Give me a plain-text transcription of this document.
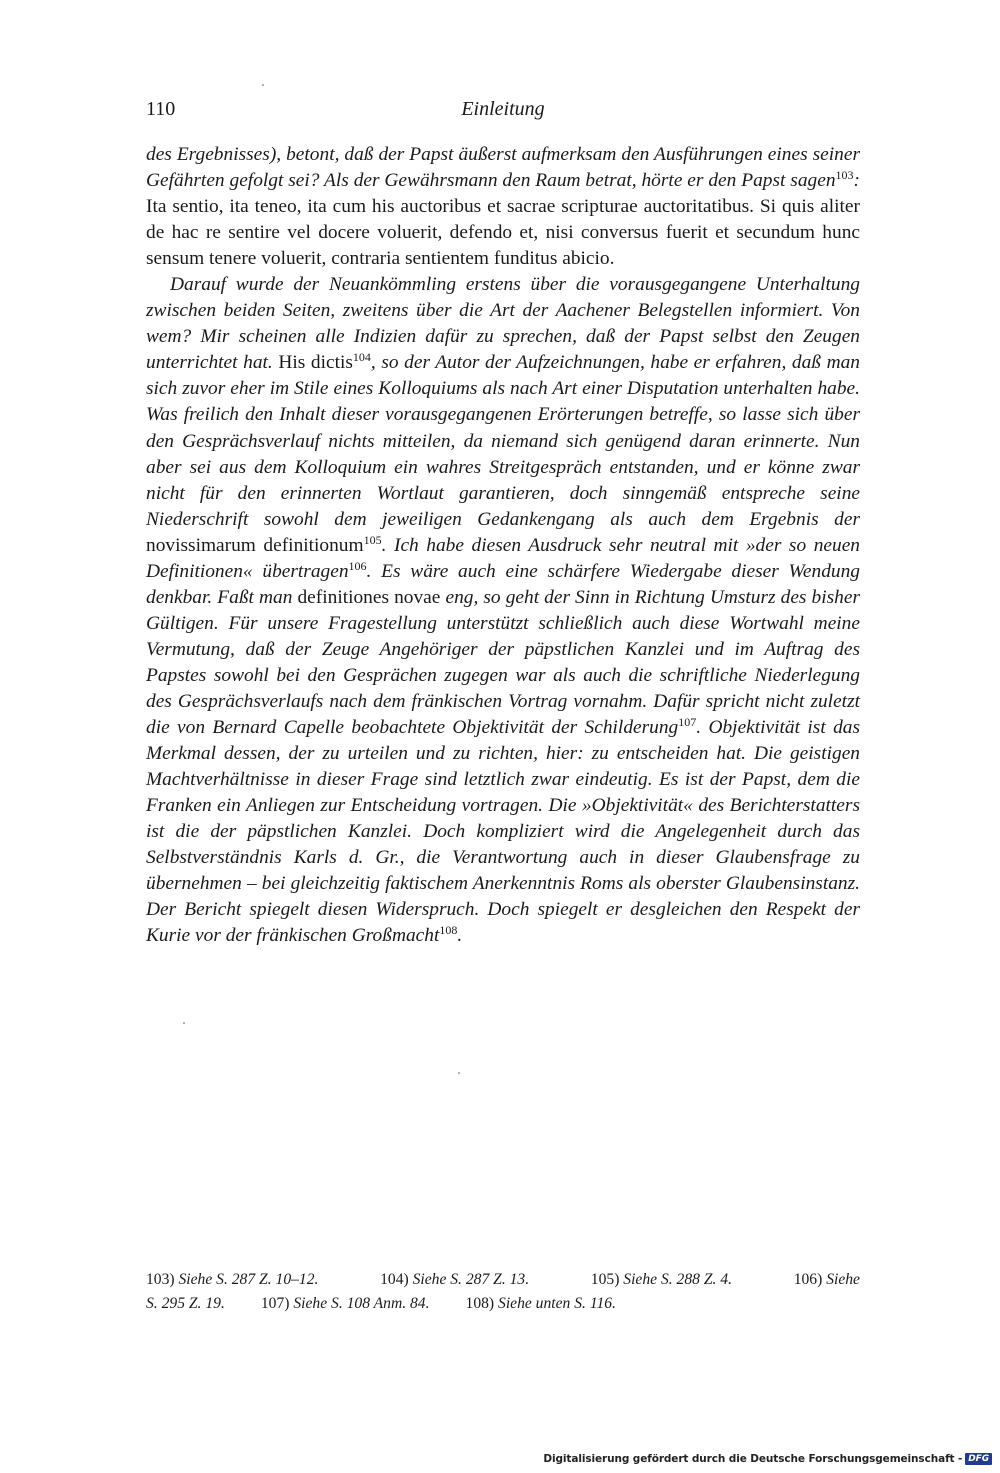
110	Einleitung

des Ergebnisses), betont, daß der Papst äußerst aufmerksam den Ausführungen eines seiner Gefährten gefolgt sei? Als der Gewährsmann den Raum betrat, hörte er den Papst sagen$^{103}$: Ita sentio, ita teneo, ita cum his auctoribus et sacrae scripturae auctoritatibus. Si quis aliter de hac re sentire vel docere voluerit, defendo et, nisi conversus fuerit et secundum hunc sensum tenere voluerit, contraria sentientem funditus abicio.

Darauf wurde der Neuankömmling erstens über die vorausgegangene Unterhaltung zwischen beiden Seiten, zweitens über die Art der Aachener Belegstellen informiert. Von wem? Mir scheinen alle Indizien dafür zu sprechen, daß der Papst selbst den Zeugen unterrichtet hat. His dictis$^{104}$, so der Autor der Aufzeichnungen, habe er erfahren, daß man sich zuvor eher im Stile eines Kolloquiums als nach Art einer Disputation unterhalten habe. Was freilich den Inhalt dieser vorausgegangenen Erörterungen betreffe, so lasse sich über den Gesprächsverlauf nichts mitteilen, da niemand sich genügend daran erinnerte. Nun aber sei aus dem Kolloquium ein wahres Streitgespräch entstanden, und er könne zwar nicht für den erinnerten Wortlaut garantieren, doch sinngemäß entspreche seine Niederschrift sowohl dem jeweiligen Gedankengang als auch dem Ergebnis der novissimarum definitionum$^{105}$. Ich habe diesen Ausdruck sehr neutral mit »der so neuen Definitionen« übertragen$^{106}$. Es wäre auch eine schärfere Wiedergabe dieser Wendung denkbar. Faßt man definitiones novae eng, so geht der Sinn in Richtung Umsturz des bisher Gültigen. Für unsere Fragestellung unterstützt schließlich auch diese Wortwahl meine Vermutung, daß der Zeuge Angehöriger der päpstlichen Kanzlei und im Auftrag des Papstes sowohl bei den Gesprächen zugegen war als auch die schriftliche Niederlegung des Gesprächsverlaufs nach dem fränkischen Vortrag vornahm. Dafür spricht nicht zuletzt die von Bernard Capelle beobachtete Objektivität der Schilderung$^{107}$. Objektivität ist das Merkmal dessen, der zu urteilen und zu richten, hier: zu entscheiden hat. Die geistigen Machtverhältnisse in dieser Frage sind letztlich zwar eindeutig. Es ist der Papst, dem die Franken ein Anliegen zur Entscheidung vortragen. Die »Objektivität« des Berichterstatters ist die der päpstlichen Kanzlei. Doch kompliziert wird die Angelegenheit durch das Selbstverständnis Karls d. Gr., die Verantwortung auch in dieser Glaubensfrage zu übernehmen – bei gleichzeitig faktischem Anerkenntnis Roms als oberster Glaubensinstanz. Der Bericht spiegelt diesen Widerspruch. Doch spiegelt er desgleichen den Respekt der Kurie vor der fränkischen Großmacht$^{108}$.

103) Siehe S. 287 Z. 10–12.	104) Siehe S. 287 Z. 13.	105) Siehe S. 288 Z. 4.	106) Siehe
S. 295 Z. 19. 107) Siehe S. 108 Anm. 84. 108) Siehe unten S. 116.
Digitalisierung gefördert durch die Deutsche Forschungsgemeinschaft - DFG
